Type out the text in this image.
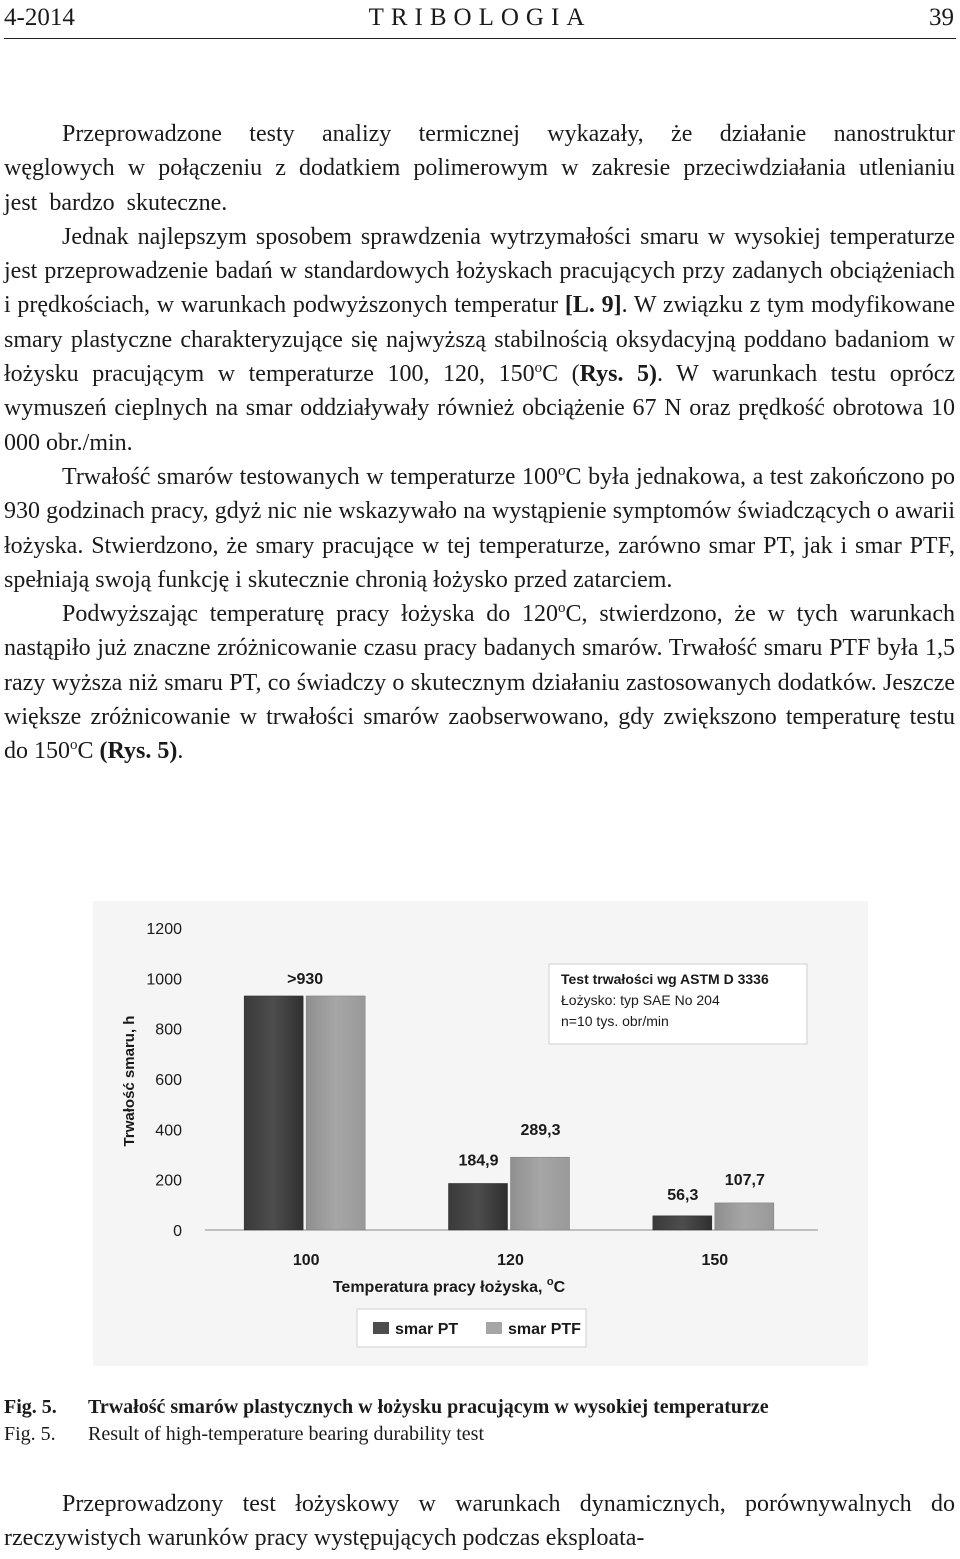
4-2014	TRIBOLOGIA	39

Przeprowadzone testy analizy termicznej wykazały, że działanie nanostruktur węglowych w połączeniu z dodatkiem polimerowym w zakresie przeciwdziałania utlenianiu jest bardzo skuteczne.

Jednak najlepszym sposobem sprawdzenia wytrzymałości smaru w wysokiej temperaturze jest przeprowadzenie badań w standardowych łożyskach pracujących przy zadanych obciążeniach i prędkościach, w warunkach podwyższonych temperatur [L. 9]. W związku z tym modyfikowane smary plastyczne charakteryzujące się najwyższą stabilnością oksydacyjną poddano badaniom w łożysku pracującym w temperaturze 100, 120, 150$^o$C (Rys. 5). W warunkach testu oprócz wymuszeń cieplnych na smar oddziaływały również obciążenie 67 N oraz prędkość obrotowa 10 000 obr./min.

Trwałość smarów testowanych w temperaturze 100$^o$C była jednakowa, a test zakończono po 930 godzinach pracy, gdyż nic nie wskazywało na wystąpienie symptomów świadczących o awarii łożyska. Stwierdzono, że smary pracujące w tej temperaturze, zarówno smar PT, jak i smar PTF, spełniają swoją funkcję i skutecznie chronią łożysko przed zatarciem.

Podwyższając temperaturę pracy łożyska do 120$^o$C, stwierdzono, że w tych warunkach nastąpiło już znaczne zróżnicowanie czasu pracy badanych smarów. Trwałość smaru PTF była 1,5 razy wyższa niż smaru PT, co świadczy o skutecznym działaniu zastosowanych dodatków. Jeszcze większe zróżnicowanie w trwałości smarów zaobserwowano, gdy zwiększono temperaturę testu do 150$^o$C (Rys. 5).

0
200
400
600
800
1000
1200
Trwałość smaru, h
>930
184,9
289,3
56,3
107,7
100	120	150
Temperatura pracy łożyska, $^o$C
Test trwałości wg ASTM D 3336
Łożysko: typ SAE No 204
n=10 tys. obr/min
smar PT	smar PTF
Fig. 5. Trwałość smarów plastycznych w łożysku pracującym w wysokiej temperaturze
Fig. 5. Result of high-temperature bearing durability test

Przeprowadzony test łożyskowy w warunkach dynamicznych, porównywalnych do rzeczywistych warunków pracy występujących podczas eksploata-
